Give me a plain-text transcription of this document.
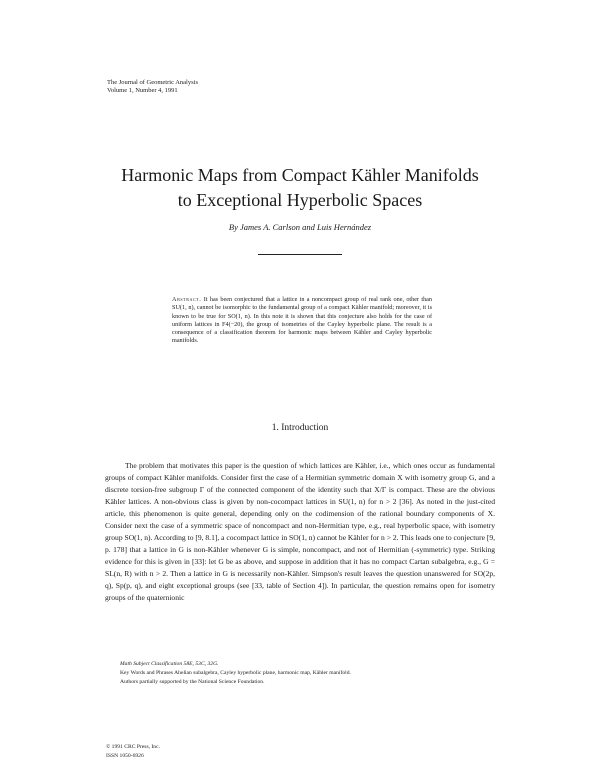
The Journal of Geometric Analysis
Volume 1, Number 4, 1991
Harmonic Maps from Compact Kähler Manifolds
to Exceptional Hyperbolic Spaces
By James A. Carlson and Luis Hernández
Abstract. It has been conjectured that a lattice in a noncompact group of real rank one, other than SU(1, n), cannot be isomorphic to the fundamental group of a compact Kähler manifold; moreover, it is known to be true for SO(1, n). In this note it is shown that this conjecture also holds for the case of uniform lattices in F4(−20), the group of isometries of the Cayley hyperbolic plane. The result is a consequence of a classification theorem for harmonic maps between Kähler and Cayley hyperbolic manifolds.
1. Introduction

The problem that motivates this paper is the question of which lattices are Kähler, i.e., which ones occur as fundamental groups of compact Kähler manifolds. Consider first the case of a Hermitian symmetric domain X with isometry group G, and a discrete torsion-free subgroup Γ of the connected component of the identity such that X/Γ is compact. These are the obvious Kähler lattices. A non-obvious class is given by non-cocompact lattices in SU(1, n) for n > 2 [36]. As noted in the just-cited article, this phenomenon is quite general, depending only on the codimension of the rational boundary components of X. Consider next the case of a symmetric space of noncompact and non-Hermitian type, e.g., real hyperbolic space, with isometry group SO(1, n). According to [9, 8.1], a cocompact lattice in SO(1, n) cannot be Kähler for n > 2. This leads one to conjecture [9, p. 178] that a lattice in G is non-Kähler whenever G is simple, noncompact, and not of Hermitian (-symmetric) type. Striking evidence for this is given in [33]: let G be as above, and suppose in addition that it has no compact Cartan subalgebra, e.g., G = SL(n, R) with n > 2. Then a lattice in G is necessarily non-Kähler. Simpson's result leaves the question unanswered for SO(2p, q), Sp(p, q), and eight exceptional groups (see [33, table of Section 4]). In particular, the question remains open for isometry groups of the quaternionic

Math Subject Classification 58E, 53C, 32G.
Key Words and Phrases Ahelian subalgebra, Cayley hyperbolic plane, harmonic map, Kähler manifold.
Authors partially supported by the National Science Foundation.
© 1991 CRC Press, Inc.
ISSN 1050-6926
